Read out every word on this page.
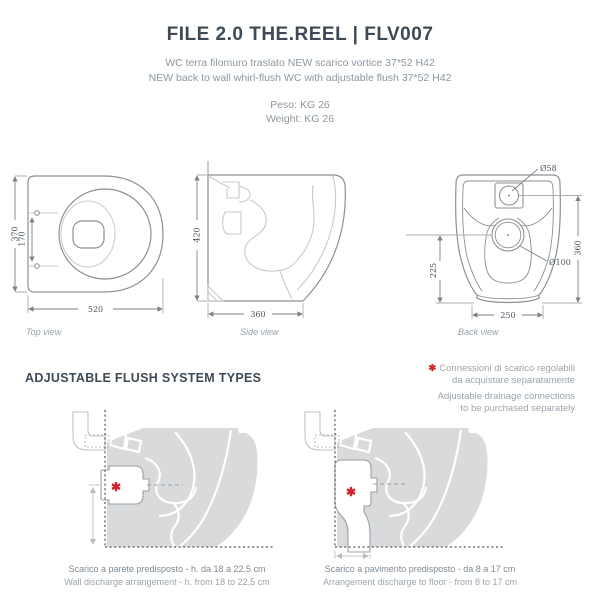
FILE 2.0 THE.REEL | FLV007

WC terra filomuro traslato NEW scarico vortice 37*52 H42

NEW back to wall whirl-flush WC with adjustable flush 37*52 H42

Peso: KG 26

Weight: KG 26

370
170
520
Top view
420
360
Side view
Ø58
Ø100
360
225
250
Back view
ADJUSTABLE FLUSH SYSTEM TYPES
✱ Connessioni di scarico regolabili
da acquistare separatamente
Adjustable drainage connections
to be purchased separately
✱
Scarico a parete predisposto - h. da 18 a 22,5 cm
Wall discharge arrangement - h. from 18 to 22,5 cm
✱
Scarico a pavimento predisposto - da 8 a 17 cm
Arrangement discharge to floor - from 8 to 17 cm
